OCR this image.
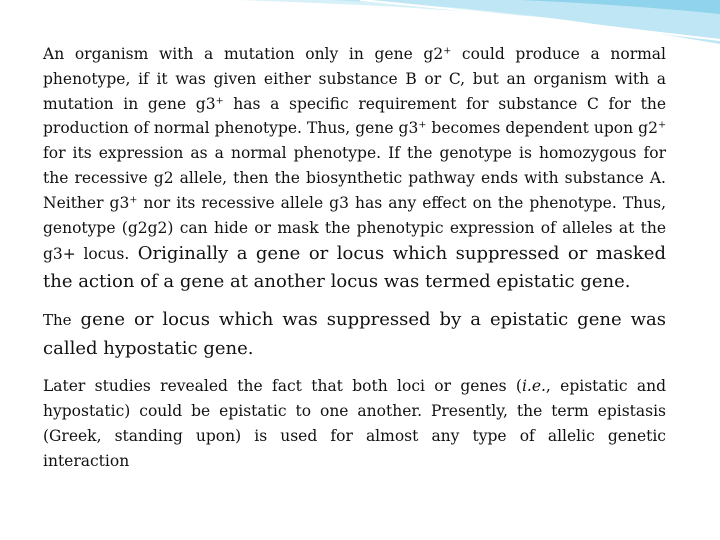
An organism with a mutation only in gene g2+ could produce a normal phenotype, if it was given either substance B or C, but an organism with a mutation in gene g3+ has a specific requirement for substance C for the production of normal phenotype. Thus, gene g3+ becomes dependent upon g2+ for its expression as a normal phenotype. If the genotype is homozygous for the recessive g2 allele, then the biosynthetic pathway ends with substance A. Neither g3+ nor its recessive allele g3 has any effect on the phenotype. Thus, genotype (g2g2) can hide or mask the phenotypic expression of alleles at the g3+ locus. Originally a gene or locus which suppressed or masked the action of a gene at another locus was termed epistatic gene.

The gene or locus which was suppressed by a epistatic gene was called hypostatic gene.

Later studies revealed the fact that both loci or genes (i.e., epistatic and hypostatic) could be epistatic to one another. Presently, the term epistasis (Greek, standing upon) is used for almost any type of allelic genetic interaction
